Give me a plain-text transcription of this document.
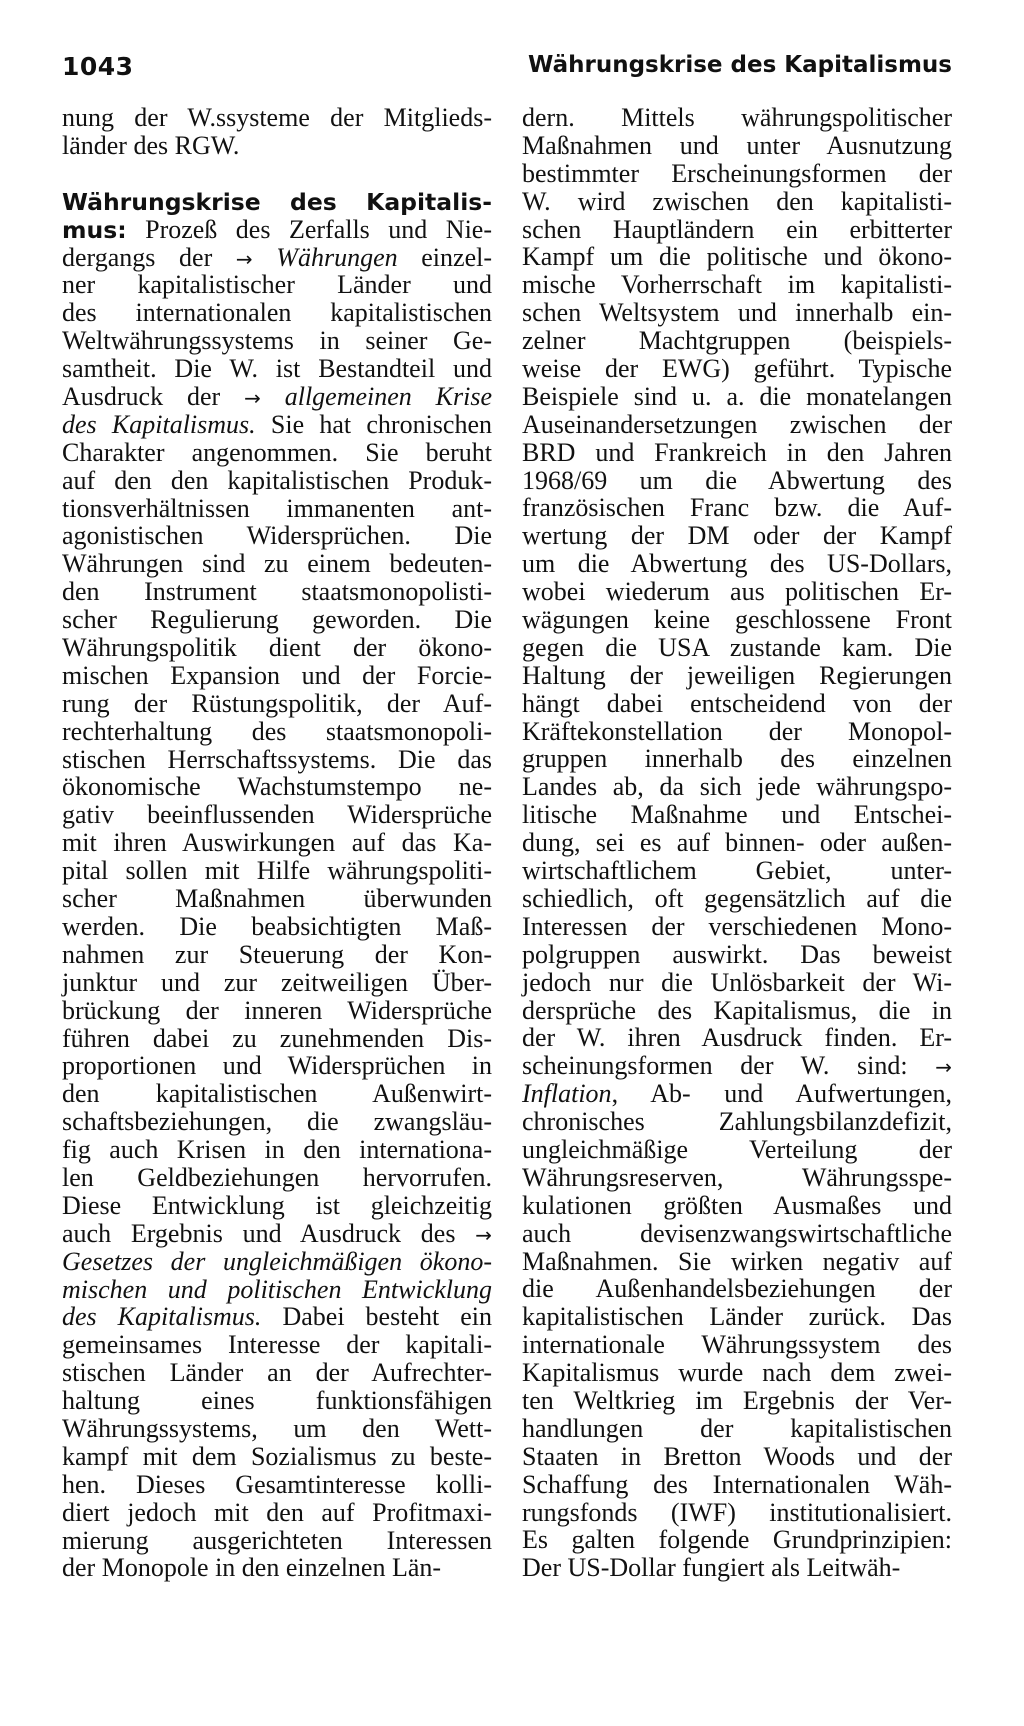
1043	Währungskrise des Kapitalismus
nung der W.ssysteme der Mitglieds-
länder des RGW.
Währungskrise des Kapitalis-
mus: Prozeß des Zerfalls und Nie-
dergangs der → Währungen einzel-
ner kapitalistischer Länder und
des internationalen kapitalistischen
Weltwährungssystems in seiner Ge-
samtheit. Die W. ist Bestandteil und
Ausdruck der → allgemeinen Krise
des Kapitalismus. Sie hat chronischen
Charakter angenommen. Sie beruht
auf den den kapitalistischen Produk-
tionsverhältnissen immanenten ant-
agonistischen Widersprüchen. Die
Währungen sind zu einem bedeuten-
den Instrument staatsmonopolisti-
scher Regulierung geworden. Die
Währungspolitik dient der ökono-
mischen Expansion und der Forcie-
rung der Rüstungspolitik, der Auf-
rechterhaltung des staatsmonopoli-
stischen Herrschaftssystems. Die das
ökonomische Wachstumstempo ne-
gativ beeinflussenden Widersprüche
mit ihren Auswirkungen auf das Ka-
pital sollen mit Hilfe währungspoliti-
scher Maßnahmen überwunden
werden. Die beabsichtigten Maß-
nahmen zur Steuerung der Kon-
junktur und zur zeitweiligen Über-
brückung der inneren Widersprüche
führen dabei zu zunehmenden Dis-
proportionen und Widersprüchen in
den kapitalistischen Außenwirt-
schaftsbeziehungen, die zwangsläu-
fig auch Krisen in den internationa-
len Geldbeziehungen hervorrufen.
Diese Entwicklung ist gleichzeitig
auch Ergebnis und Ausdruck des →
Gesetzes der ungleichmäßigen ökono-
mischen und politischen Entwicklung
des Kapitalismus. Dabei besteht ein
gemeinsames Interesse der kapitali-
stischen Länder an der Aufrechter-
haltung eines funktionsfähigen
Währungssystems, um den Wett-
kampf mit dem Sozialismus zu beste-
hen. Dieses Gesamtinteresse kolli-
diert jedoch mit den auf Profitmaxi-
mierung ausgerichteten Interessen
der Monopole in den einzelnen Län-
dern. Mittels währungspolitischer
Maßnahmen und unter Ausnutzung
bestimmter Erscheinungsformen der
W. wird zwischen den kapitalisti-
schen Hauptländern ein erbitterter
Kampf um die politische und ökono-
mische Vorherrschaft im kapitalisti-
schen Weltsystem und innerhalb ein-
zelner Machtgruppen (beispiels-
weise der EWG) geführt. Typische
Beispiele sind u. a. die monatelangen
Auseinandersetzungen zwischen der
BRD und Frankreich in den Jahren
1968/69 um die Abwertung des
französischen Franc bzw. die Auf-
wertung der DM oder der Kampf
um die Abwertung des US-Dollars,
wobei wiederum aus politischen Er-
wägungen keine geschlossene Front
gegen die USA zustande kam. Die
Haltung der jeweiligen Regierungen
hängt dabei entscheidend von der
Kräftekonstellation der Monopol-
gruppen innerhalb des einzelnen
Landes ab, da sich jede währungspo-
litische Maßnahme und Entschei-
dung, sei es auf binnen- oder außen-
wirtschaftlichem Gebiet, unter-
schiedlich, oft gegensätzlich auf die
Interessen der verschiedenen Mono-
polgruppen auswirkt. Das beweist
jedoch nur die Unlösbarkeit der Wi-
dersprüche des Kapitalismus, die in
der W. ihren Ausdruck finden. Er-
scheinungsformen der W. sind: →
Inflation, Ab- und Aufwertungen,
chronisches Zahlungsbilanzdefizit,
ungleichmäßige Verteilung der
Währungsreserven, Währungsspe-
kulationen größten Ausmaßes und
auch devisenzwangswirtschaftliche
Maßnahmen. Sie wirken negativ auf
die Außenhandelsbeziehungen der
kapitalistischen Länder zurück. Das
internationale Währungssystem des
Kapitalismus wurde nach dem zwei-
ten Weltkrieg im Ergebnis der Ver-
handlungen der kapitalistischen
Staaten in Bretton Woods und der
Schaffung des Internationalen Wäh-
rungsfonds (IWF) institutionalisiert.
Es galten folgende Grundprinzipien:
Der US-Dollar fungiert als Leitwäh-
